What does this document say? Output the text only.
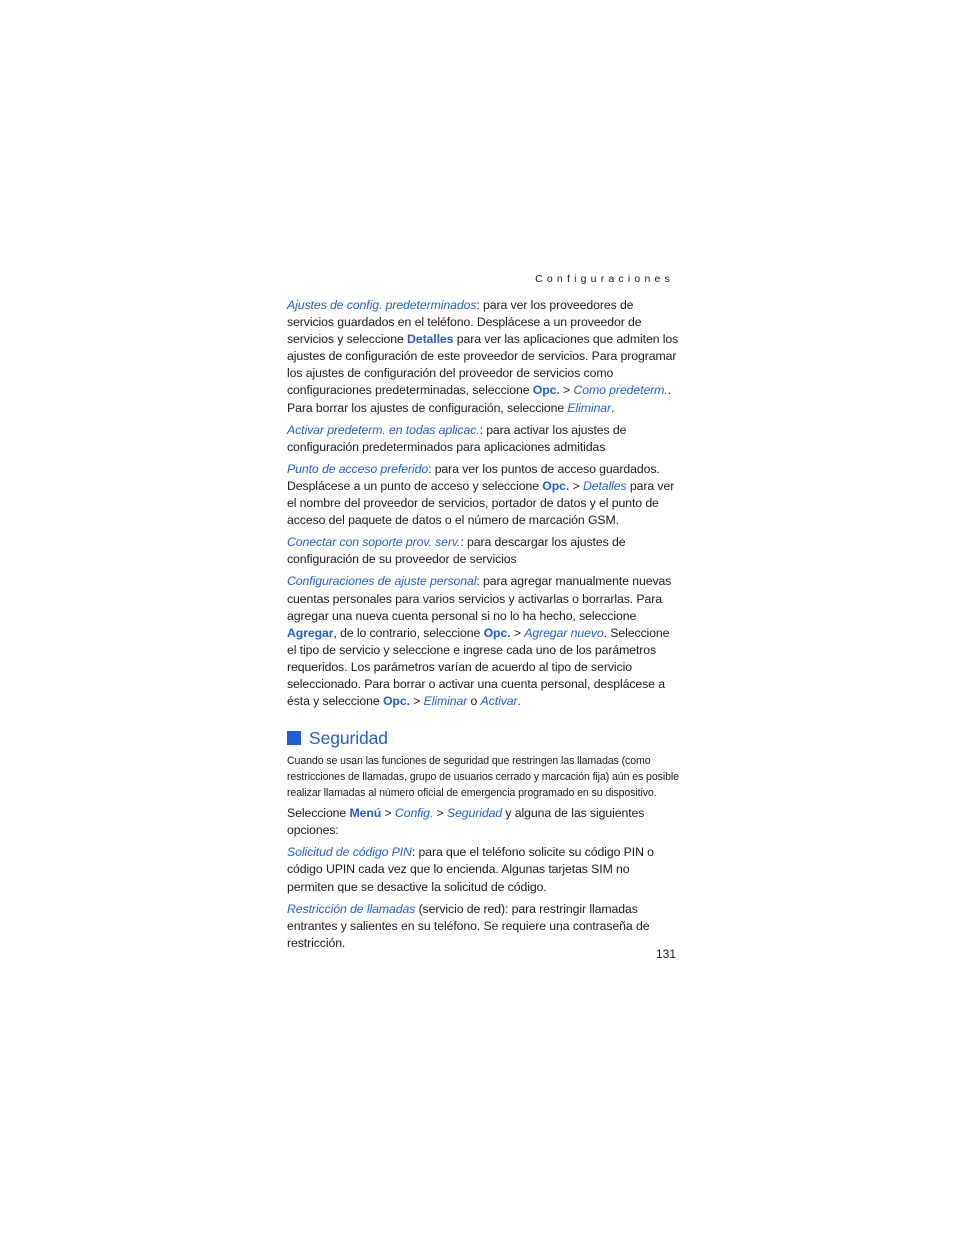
Configuraciones

Ajustes de config. predeterminados: para ver los proveedores de servicios guardados en el teléfono. Desplácese a un proveedor de servicios y seleccione Detalles para ver las aplicaciones que admiten los ajustes de configuración de este proveedor de servicios. Para programar los ajustes de configuración del proveedor de servicios como configuraciones predeterminadas, seleccione Opc. > Como predeterm.. Para borrar los ajustes de configuración, seleccione Eliminar.

Activar predeterm. en todas aplicac.: para activar los ajustes de configuración predeterminados para aplicaciones admitidas

Punto de acceso preferido: para ver los puntos de acceso guardados. Desplácese a un punto de acceso y seleccione Opc. > Detalles para ver el nombre del proveedor de servicios, portador de datos y el punto de acceso del paquete de datos o el número de marcación GSM.

Conectar con soporte prov. serv.: para descargar los ajustes de configuración de su proveedor de servicios

Configuraciones de ajuste personal: para agregar manualmente nuevas cuentas personales para varios servicios y activarlas o borrarlas. Para agregar una nueva cuenta personal si no lo ha hecho, seleccione Agregar, de lo contrario, seleccione Opc. > Agregar nuevo. Seleccione el tipo de servicio y seleccione e ingrese cada uno de los parámetros requeridos. Los parámetros varían de acuerdo al tipo de servicio seleccionado. Para borrar o activar una cuenta personal, desplácese a ésta y seleccione Opc. > Eliminar o Activar.

Seguridad

Cuando se usan las funciones de seguridad que restringen las llamadas (como restricciones de llamadas, grupo de usuarios cerrado y marcación fija) aún es posible realizar llamadas al número oficial de emergencia programado en su dispositivo.

Seleccione Menú > Config. > Seguridad y alguna de las siguientes opciones:

Solicitud de código PIN: para que el teléfono solicite su código PIN o código UPIN cada vez que lo encienda. Algunas tarjetas SIM no permiten que se desactive la solicitud de código.

Restricción de llamadas (servicio de red): para restringir llamadas entrantes y salientes en su teléfono. Se requiere una contraseña de restricción.

131
